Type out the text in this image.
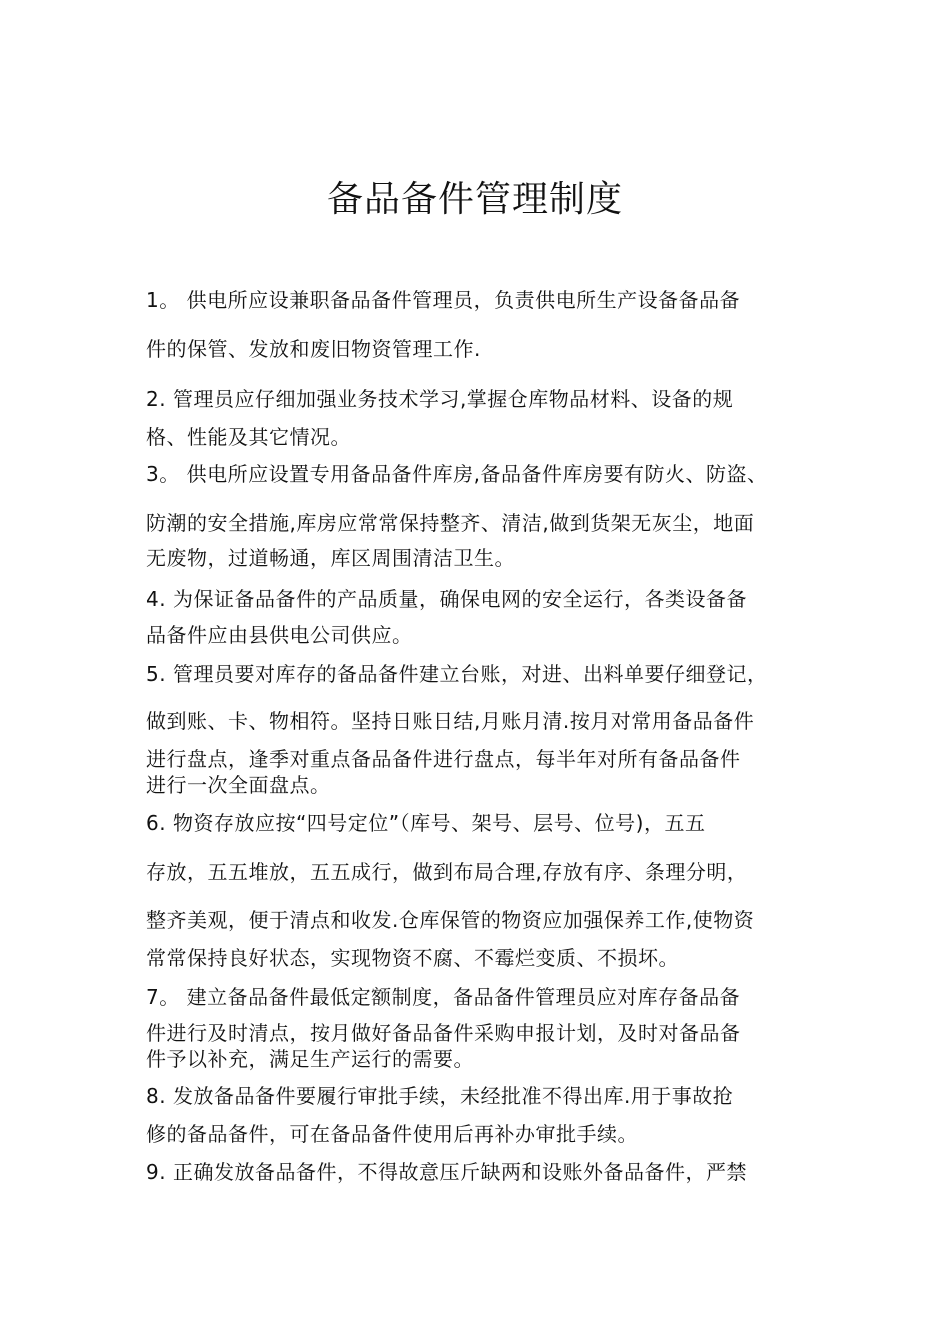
备品备件管理制度
1。 供电所应设兼职备品备件管理员，负责供电所生产设备备品备
件的保管、发放和废旧物资管理工作.
2. 管理员应仔细加强业务技术学习,掌握仓库物品材料、设备的规
格、性能及其它情况。
3。 供电所应设置专用备品备件库房,备品备件库房要有防火、防盗、
防潮的安全措施,库房应常常保持整齐、清洁,做到货架无灰尘，地面
无废物，过道畅通，库区周围清洁卫生。
4. 为保证备品备件的产品质量，确保电网的安全运行，各类设备备
品备件应由县供电公司供应。
5. 管理员要对库存的备品备件建立台账，对进、出料单要仔细登记，
做到账、卡、物相符。坚持日账日结,月账月清.按月对常用备品备件
进行盘点，逢季对重点备品备件进行盘点，每半年对所有备品备件
进行一次全面盘点。
6. 物资存放应按“四号定位”（库号、架号、层号、位号)，五五
存放，五五堆放，五五成行，做到布局合理,存放有序、条理分明，
整齐美观，便于清点和收发.仓库保管的物资应加强保养工作,使物资
常常保持良好状态，实现物资不腐、不霉烂变质、不损坏。
7。 建立备品备件最低定额制度，备品备件管理员应对库存备品备
件进行及时清点，按月做好备品备件采购申报计划，及时对备品备
件予以补充，满足生产运行的需要。
8. 发放备品备件要履行审批手续，未经批准不得出库.用于事故抢
修的备品备件，可在备品备件使用后再补办审批手续。
9. 正确发放备品备件，不得故意压斤缺两和设账外备品备件，严禁
